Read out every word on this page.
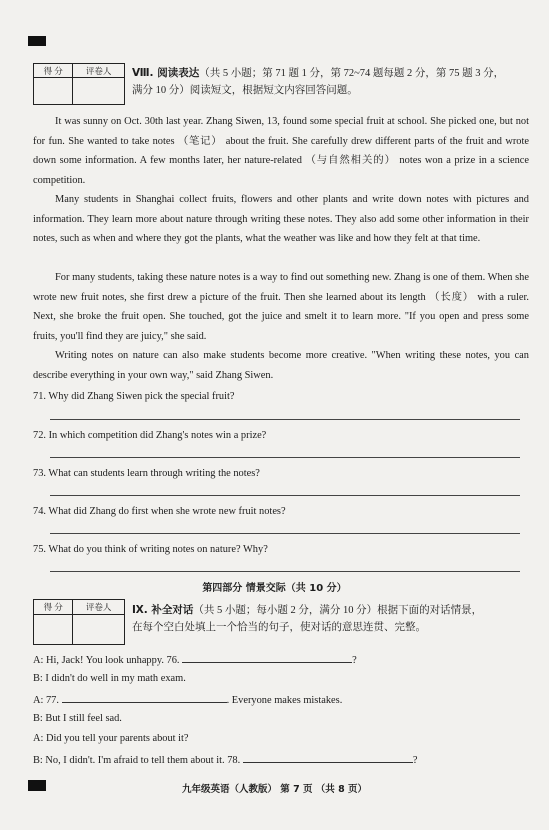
得 分	评卷人
	Ⅷ. 阅读表达（共 5 小题；第 71 题 1 分，第 72~74 题每题 2 分，第 75 题 3 分，
满分 10 分）阅读短文，根据短文内容回答问题。

It was sunny on Oct. 30th last year. Zhang Siwen, 13, found some special fruit at school. She picked one, but not for fun. She wanted to take notes （笔记） about the fruit. She carefully drew different parts of the fruit and wrote down some information. A few months later, her nature-related （与自然相关的） notes won a prize in a science competition.

Many students in Shanghai collect fruits, flowers and other plants and write down notes with pictures and information. They learn more about nature through writing these notes. They also add some other information in their notes, such as when and where they got the plants, what the weather was like and how they felt at that time.

For many students, taking these nature notes is a way to find out something new. Zhang is one of them. When she wrote new fruit notes, she first drew a picture of the fruit. Then she learned about its length （长度） with a ruler. Next, she broke the fruit open. She touched, got the juice and smelt it to learn more. "If you open and press some fruits, you'll find they are juicy," she said.

Writing notes on nature can also make students become more creative. "When writing these notes, you can describe everything in your own way," said Zhang Siwen.

71. Why did Zhang Siwen pick the special fruit?
72. In which competition did Zhang's notes win a prize?
73. What can students learn through writing the notes?
74. What did Zhang do first when she wrote new fruit notes?
75. What do you think of writing notes on nature? Why?
第四部分 情景交际（共 10 分）
得 分	评卷人
	Ⅸ. 补全对话（共 5 小题；每小题 2 分，满分 10 分）根据下面的对话情景，
在每个空白处填上一个恰当的句子，使对话的意思连贯、完整。
A: Hi, Jack! You look unhappy. 76.	?
B: I didn't do well in my math exam.
A: 77.	. Everyone makes mistakes.
B: But I still feel sad.
A: Did you tell your parents about it?
B: No, I didn't. I'm afraid to tell them about it. 78.	?
九年级英语（人教版） 第 7 页 （共 8 页）
